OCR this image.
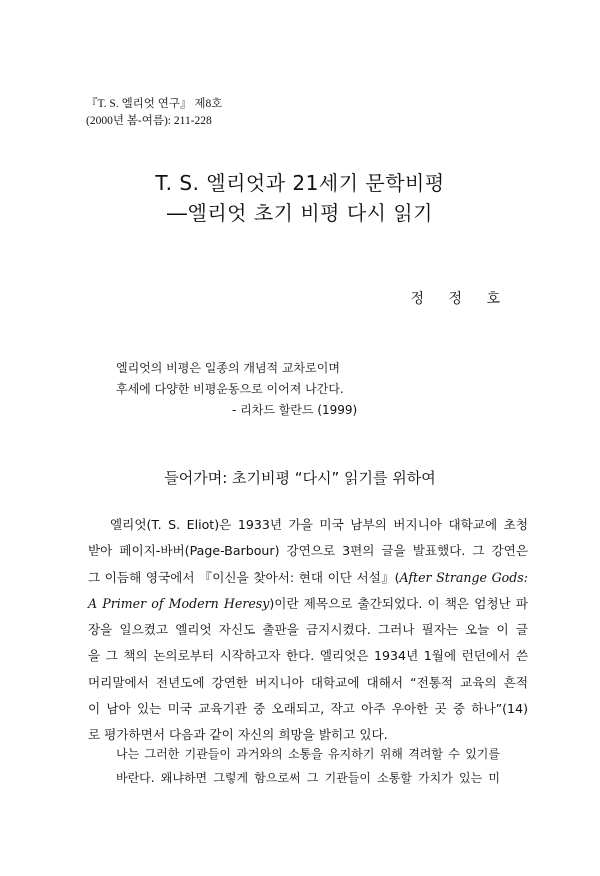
『T. S. 엘리엇 연구』 제8호
(2000년 봄-여름): 211-228
T. S. 엘리엇과 21세기 문학비평
―엘리엇 초기 비평 다시 읽기
정 정 호
엘리엇의 비평은 일종의 개념적 교차로이며
후세에 다양한 비평운동으로 이어져 나간다.
- 리차드 할란드 (1999)
들어가며: 초기비평 “다시” 읽기를 위하여
엘리엇(T. S. Eliot)은 1933년 가을 미국 남부의 버지니아 대학교에 초청
받아 페이지-바버(Page-Barbour) 강연으로 3편의 글을 발표했다. 그 강연은
그 이듬해 영국에서 『이신을 찾아서: 현대 이단 서설』(After Strange Gods:
A Primer of Modern Heresy)이란 제목으로 출간되었다. 이 책은 엄청난 파
장을 일으켰고 엘리엇 자신도 출판을 금지시켰다. 그러나 필자는 오늘 이 글
을 그 책의 논의로부터 시작하고자 한다. 엘리엇은 1934년 1월에 런던에서 쓴
머리말에서 전년도에 강연한 버지니아 대학교에 대해서 “전통적 교육의 흔적
이 남아 있는 미국 교육기관 중 오래되고, 작고 아주 우아한 곳 중 하나”(14)
로 평가하면서 다음과 같이 자신의 희망을 밝히고 있다.
나는 그러한 기관들이 과거와의 소통을 유지하기 위해 격려할 수 있기를
바란다. 왜냐하면 그렇게 함으로써 그 기관들이 소통할 가치가 있는 미
